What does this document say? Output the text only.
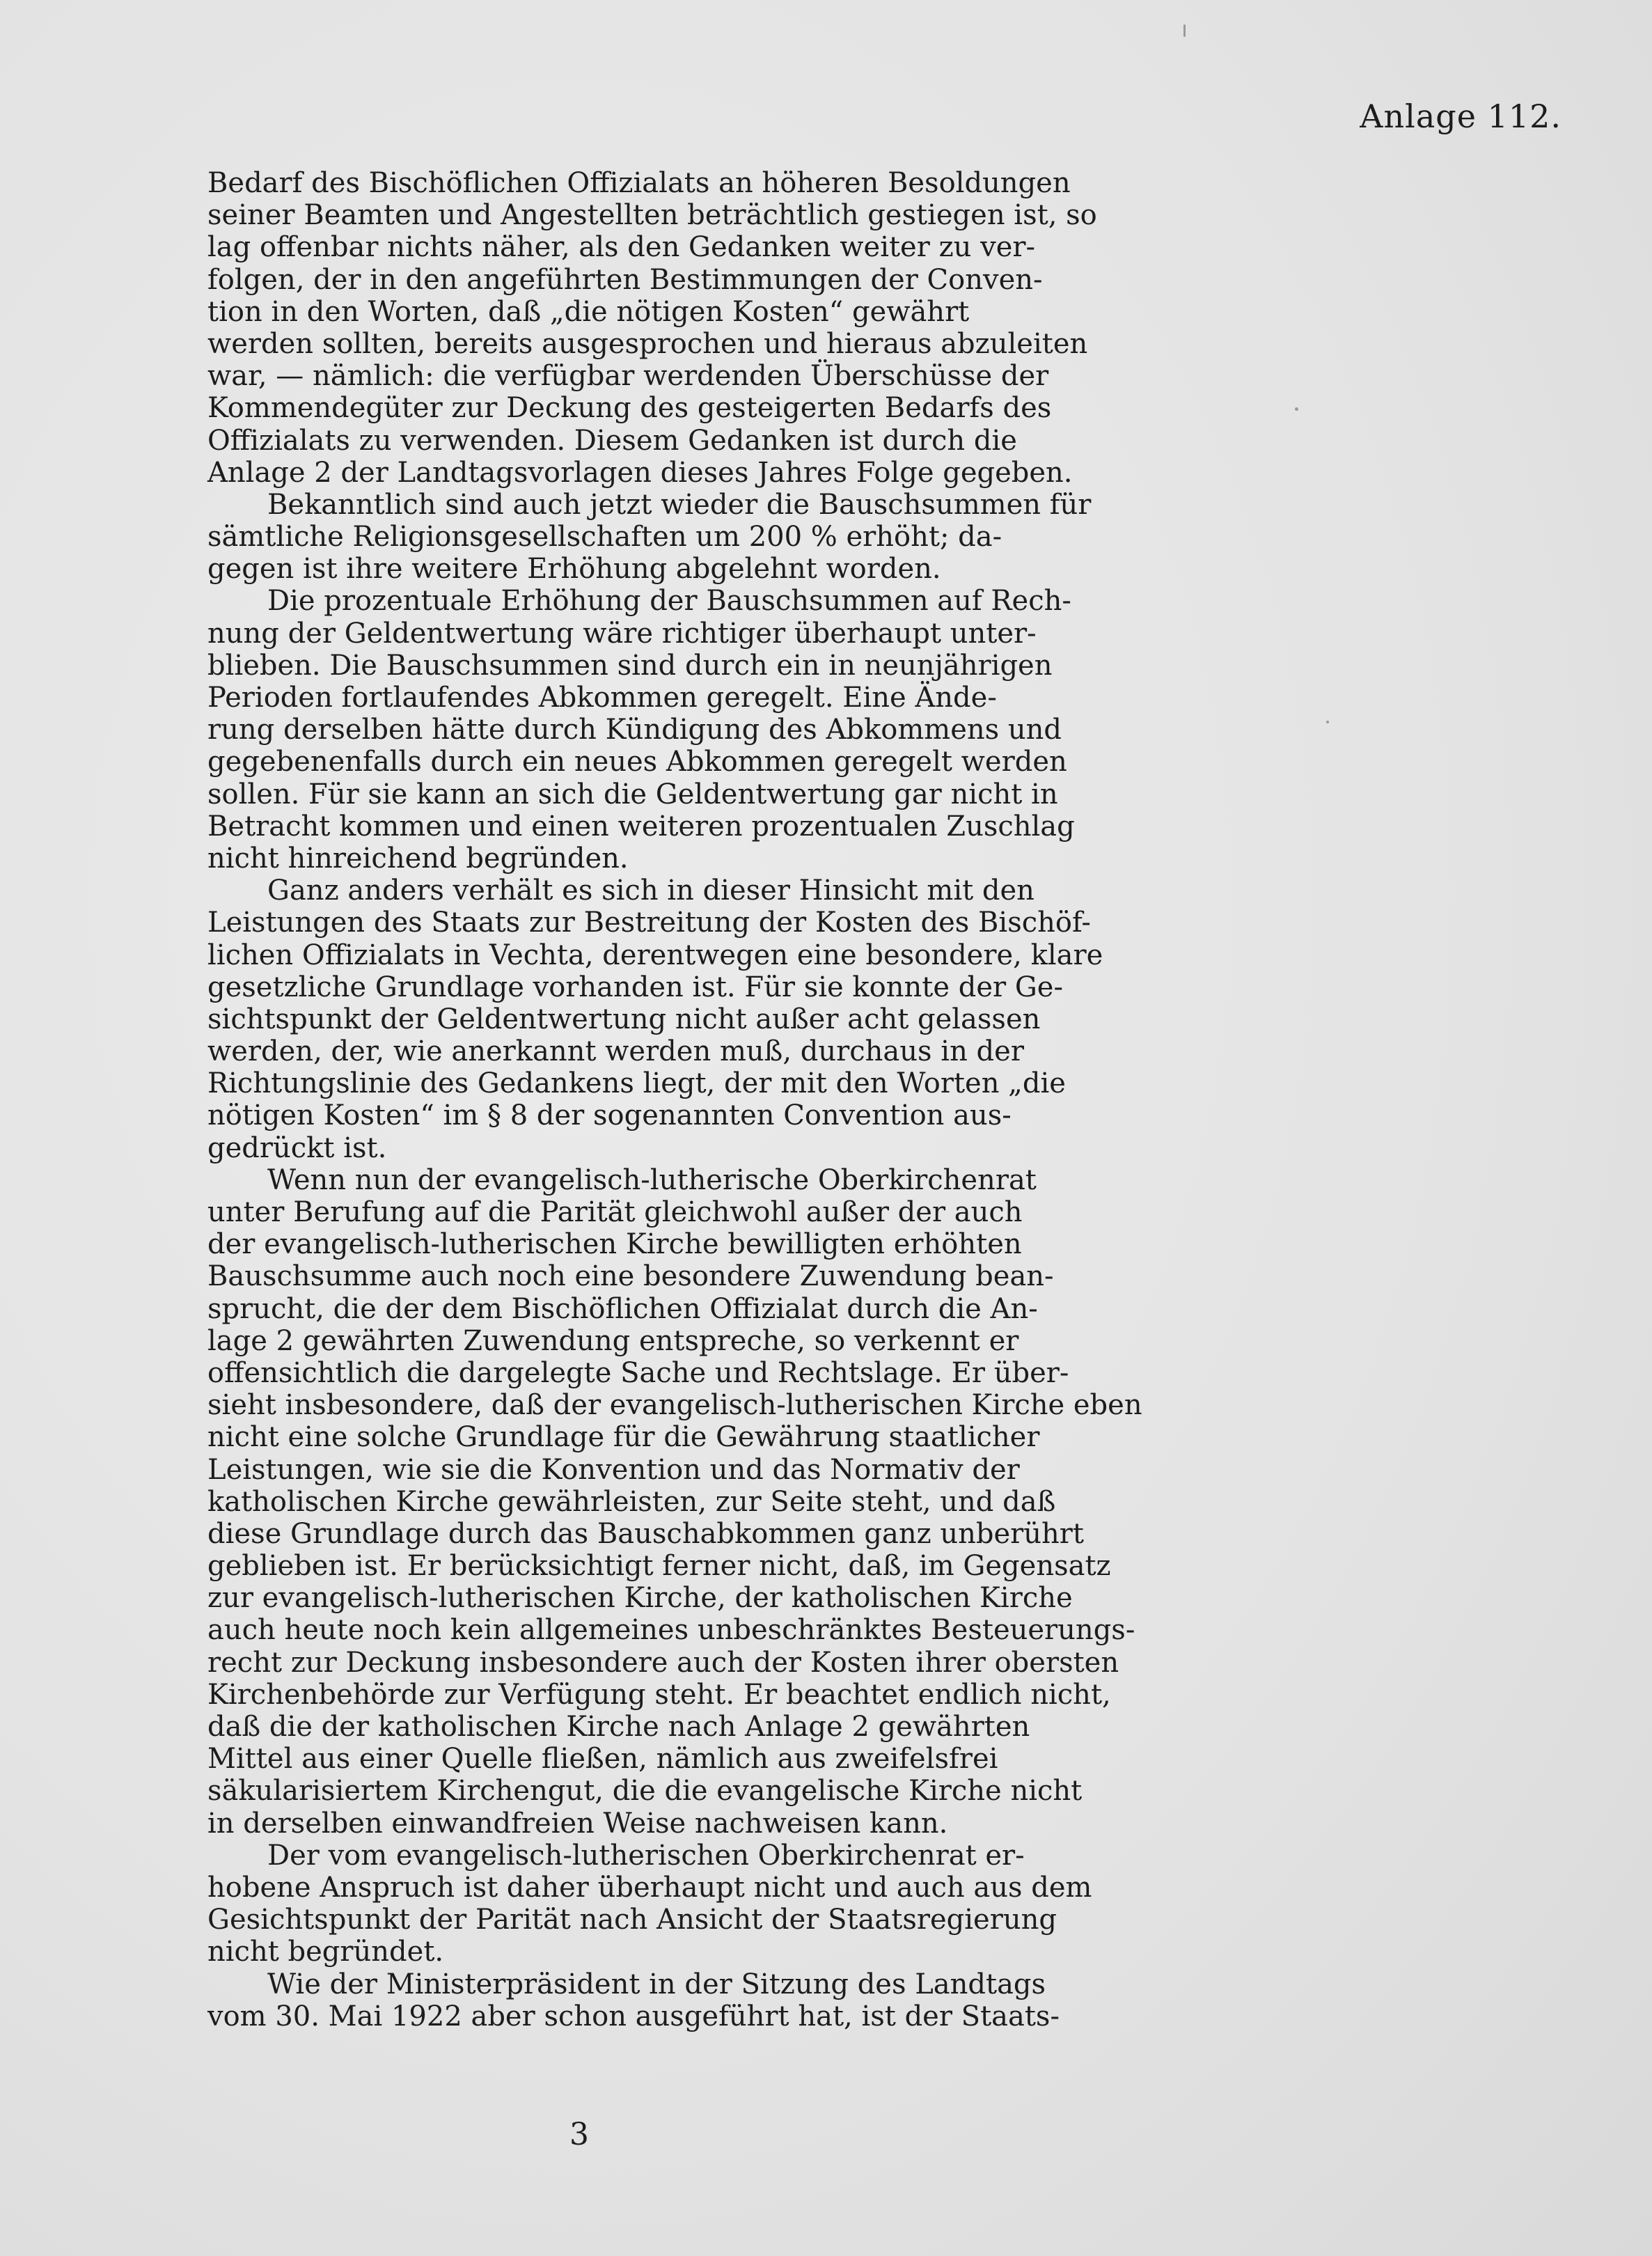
Anlage 112.
Bedarf des Bischöflichen Offizialats an höheren Besoldungen
seiner Beamten und Angestellten beträchtlich gestiegen ist, so
lag offenbar nichts näher, als den Gedanken weiter zu ver-
folgen, der in den angeführten Bestimmungen der Conven-
tion in den Worten, daß „die nötigen Kosten“ gewährt
werden sollten, bereits ausgesprochen und hieraus abzuleiten
war, — nämlich: die verfügbar werdenden Überschüsse der
Kommendegüter zur Deckung des gesteigerten Bedarfs des
Offizialats zu verwenden. Diesem Gedanken ist durch die
Anlage 2 der Landtagsvorlagen dieses Jahres Folge gegeben.
Bekanntlich sind auch jetzt wieder die Bauschsummen für
sämtliche Religionsgesellschaften um 200 % erhöht; da-
gegen ist ihre weitere Erhöhung abgelehnt worden.
Die prozentuale Erhöhung der Bauschsummen auf Rech-
nung der Geldentwertung wäre richtiger überhaupt unter-
blieben. Die Bauschsummen sind durch ein in neunjährigen
Perioden fortlaufendes Abkommen geregelt. Eine Ände-
rung derselben hätte durch Kündigung des Abkommens und
gegebenenfalls durch ein neues Abkommen geregelt werden
sollen. Für sie kann an sich die Geldentwertung gar nicht in
Betracht kommen und einen weiteren prozentualen Zuschlag
nicht hinreichend begründen.
Ganz anders verhält es sich in dieser Hinsicht mit den
Leistungen des Staats zur Bestreitung der Kosten des Bischöf-
lichen Offizialats in Vechta, derentwegen eine besondere, klare
gesetzliche Grundlage vorhanden ist. Für sie konnte der Ge-
sichtspunkt der Geldentwertung nicht außer acht gelassen
werden, der, wie anerkannt werden muß, durchaus in der
Richtungslinie des Gedankens liegt, der mit den Worten „die
nötigen Kosten“ im § 8 der sogenannten Convention aus-
gedrückt ist.
Wenn nun der evangelisch-lutherische Oberkirchenrat
unter Berufung auf die Parität gleichwohl außer der auch
der evangelisch-lutherischen Kirche bewilligten erhöhten
Bauschsumme auch noch eine besondere Zuwendung bean-
sprucht, die der dem Bischöflichen Offizialat durch die An-
lage 2 gewährten Zuwendung entspreche, so verkennt er
offensichtlich die dargelegte Sache und Rechtslage. Er über-
sieht insbesondere, daß der evangelisch-lutherischen Kirche eben
nicht eine solche Grundlage für die Gewährung staatlicher
Leistungen, wie sie die Konvention und das Normativ der
katholischen Kirche gewährleisten, zur Seite steht, und daß
diese Grundlage durch das Bauschabkommen ganz unberührt
geblieben ist. Er berücksichtigt ferner nicht, daß, im Gegensatz
zur evangelisch-lutherischen Kirche, der katholischen Kirche
auch heute noch kein allgemeines unbeschränktes Besteuerungs-
recht zur Deckung insbesondere auch der Kosten ihrer obersten
Kirchenbehörde zur Verfügung steht. Er beachtet endlich nicht,
daß die der katholischen Kirche nach Anlage 2 gewährten
Mittel aus einer Quelle fließen, nämlich aus zweifelsfrei
säkularisiertem Kirchengut, die die evangelische Kirche nicht
in derselben einwandfreien Weise nachweisen kann.
Der vom evangelisch-lutherischen Oberkirchenrat er-
hobene Anspruch ist daher überhaupt nicht und auch aus dem
Gesichtspunkt der Parität nach Ansicht der Staatsregierung
nicht begründet.
Wie der Ministerpräsident in der Sitzung des Landtags
vom 30. Mai 1922 aber schon ausgeführt hat, ist der Staats-
3
